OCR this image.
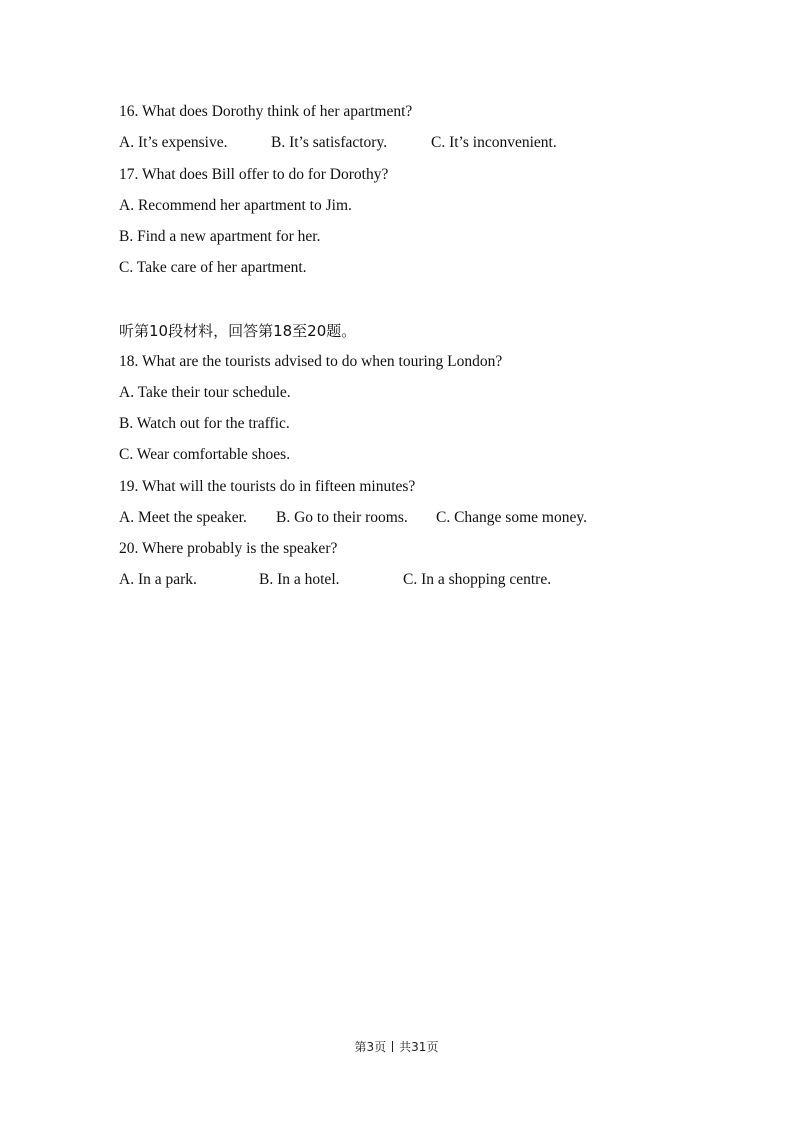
16. What does Dorothy think of her apartment?
A. It’s expensive.	B. It’s satisfactory.	C. It’s inconvenient.
17. What does Bill offer to do for Dorothy?
A. Recommend her apartment to Jim.
B. Find a new apartment for her.
C. Take care of her apartment.
听第10段材料，回答第18至20题。
18. What are the tourists advised to do when touring London?
A. Take their tour schedule.
B. Watch out for the traffic.
C. Wear comfortable shoes.
19. What will the tourists do in fifteen minutes?
A. Meet the speaker. B. Go to their rooms. C. Change some money.
20. Where probably is the speaker?
A. In a park.	B. In a hotel.	C. In a shopping centre.
第3页 共31页
